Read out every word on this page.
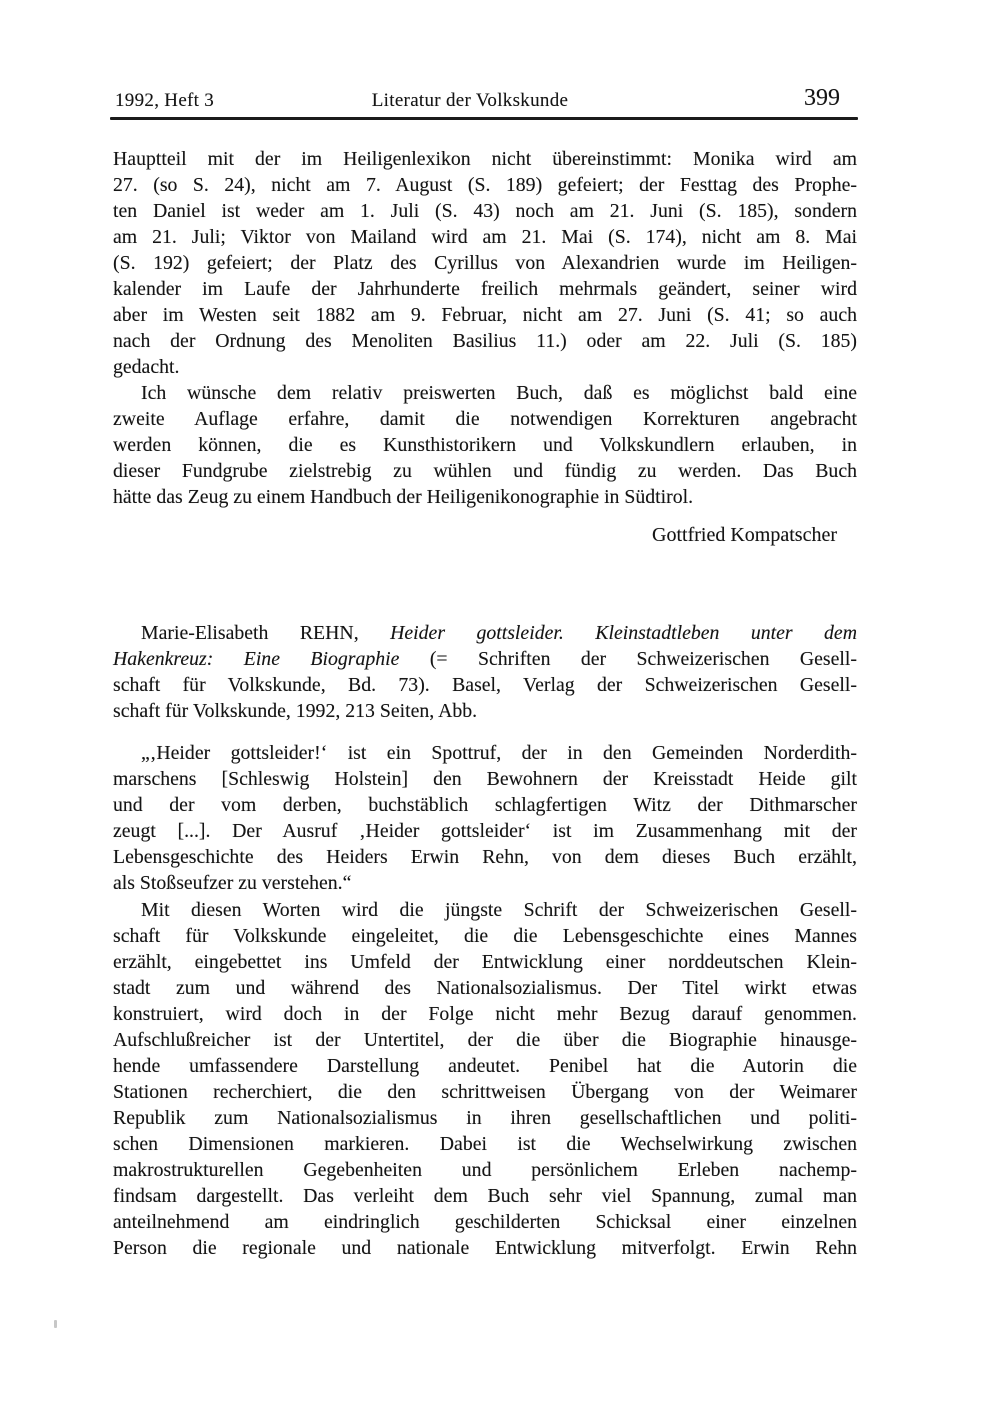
1992, Heft 3	Literatur der Volkskunde	399
Hauptteil mit der im Heiligenlexikon nicht übereinstimmt: Monika wird am
27. (so S. 24), nicht am 7. August (S. 189) gefeiert; der Festtag des Prophe-
ten Daniel ist weder am 1. Juli (S. 43) noch am 21. Juni (S. 185), sondern
am 21. Juli; Viktor von Mailand wird am 21. Mai (S. 174), nicht am 8. Mai
(S. 192) gefeiert; der Platz des Cyrillus von Alexandrien wurde im Heiligen-
kalender im Laufe der Jahrhunderte freilich mehrmals geändert, seiner wird
aber im Westen seit 1882 am 9. Februar, nicht am 27. Juni (S. 41; so auch
nach der Ordnung des Menoliten Basilius 11.) oder am 22. Juli (S. 185)
gedacht.
Ich wünsche dem relativ preiswerten Buch, daß es möglichst bald eine
zweite Auflage erfahre, damit die notwendigen Korrekturen angebracht
werden können, die es Kunsthistorikern und Volkskundlern erlauben, in
dieser Fundgrube zielstrebig zu wühlen und fündig zu werden. Das Buch
hätte das Zeug zu einem Handbuch der Heiligenikonographie in Südtirol.
Gottfried Kompatscher
Marie-Elisabeth REHN, Heider gottsleider. Kleinstadtleben unter dem
Hakenkreuz: Eine Biographie (= Schriften der Schweizerischen Gesell-
schaft für Volkskunde, Bd. 73). Basel, Verlag der Schweizerischen Gesell-
schaft für Volkskunde, 1992, 213 Seiten, Abb.
„‚Heider gottsleider!‘ ist ein Spottruf, der in den Gemeinden Norderdith-
marschens [Schleswig Holstein] den Bewohnern der Kreisstadt Heide gilt
und der vom derben, buchstäblich schlagfertigen Witz der Dithmarscher
zeugt [...]. Der Ausruf ‚Heider gottsleider‘ ist im Zusammenhang mit der
Lebensgeschichte des Heiders Erwin Rehn, von dem dieses Buch erzählt,
als Stoßseufzer zu verstehen.“
Mit diesen Worten wird die jüngste Schrift der Schweizerischen Gesell-
schaft für Volkskunde eingeleitet, die die Lebensgeschichte eines Mannes
erzählt, eingebettet ins Umfeld der Entwicklung einer norddeutschen Klein-
stadt zum und während des Nationalsozialismus. Der Titel wirkt etwas
konstruiert, wird doch in der Folge nicht mehr Bezug darauf genommen.
Aufschlußreicher ist der Untertitel, der die über die Biographie hinausge-
hende umfassendere Darstellung andeutet. Penibel hat die Autorin die
Stationen recherchiert, die den schrittweisen Übergang von der Weimarer
Republik zum Nationalsozialismus in ihren gesellschaftlichen und politi-
schen Dimensionen markieren. Dabei ist die Wechselwirkung zwischen
makrostrukturellen Gegebenheiten und persönlichem Erleben nachemp-
findsam dargestellt. Das verleiht dem Buch sehr viel Spannung, zumal man
anteilnehmend am eindringlich geschilderten Schicksal einer einzelnen
Person die regionale und nationale Entwicklung mitverfolgt. Erwin Rehn
